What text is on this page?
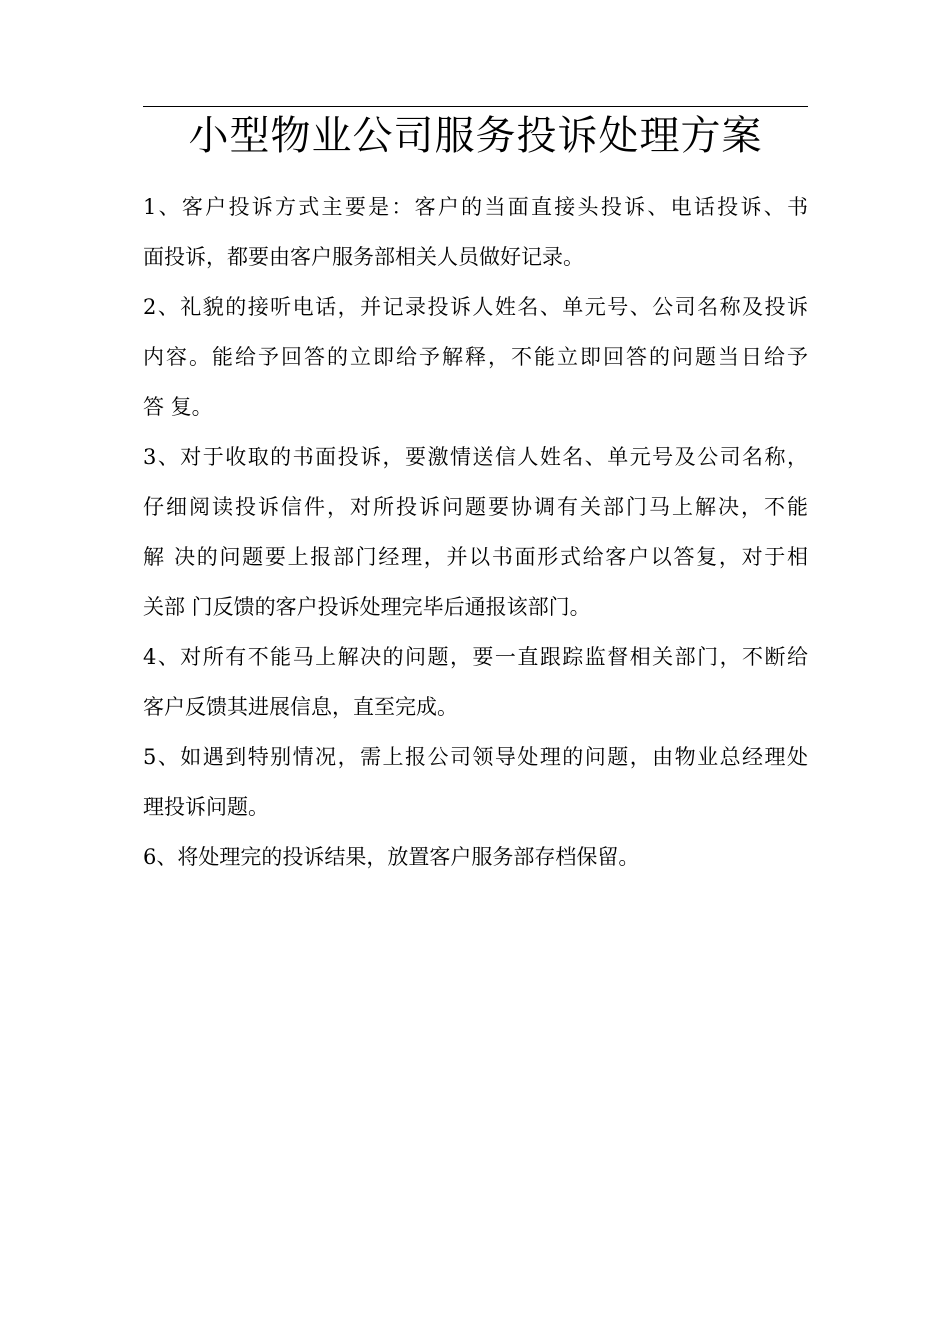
小型物业公司服务投诉处理方案
1、客户投诉方式主要是：客户的当面直接头投诉、电话投诉、书
面投诉，都要由客户服务部相关人员做好记录。
2、礼貌的接听电话，并记录投诉人姓名、单元号、公司名称及投诉
内容。能给予回答的立即给予解释，不能立即回答的问题当日给予
答 复。
3、对于收取的书面投诉，要激情送信人姓名、单元号及公司名称，
仔细阅读投诉信件，对所投诉问题要协调有关部门马上解决，不能
解 决的问题要上报部门经理，并以书面形式给客户以答复，对于相
关部 门反馈的客户投诉处理完毕后通报该部门。
4、对所有不能马上解决的问题，要一直跟踪监督相关部门，不断给
客户反馈其进展信息，直至完成。
5、如遇到特别情况，需上报公司领导处理的问题，由物业总经理处
理投诉问题。
6、将处理完的投诉结果，放置客户服务部存档保留。
